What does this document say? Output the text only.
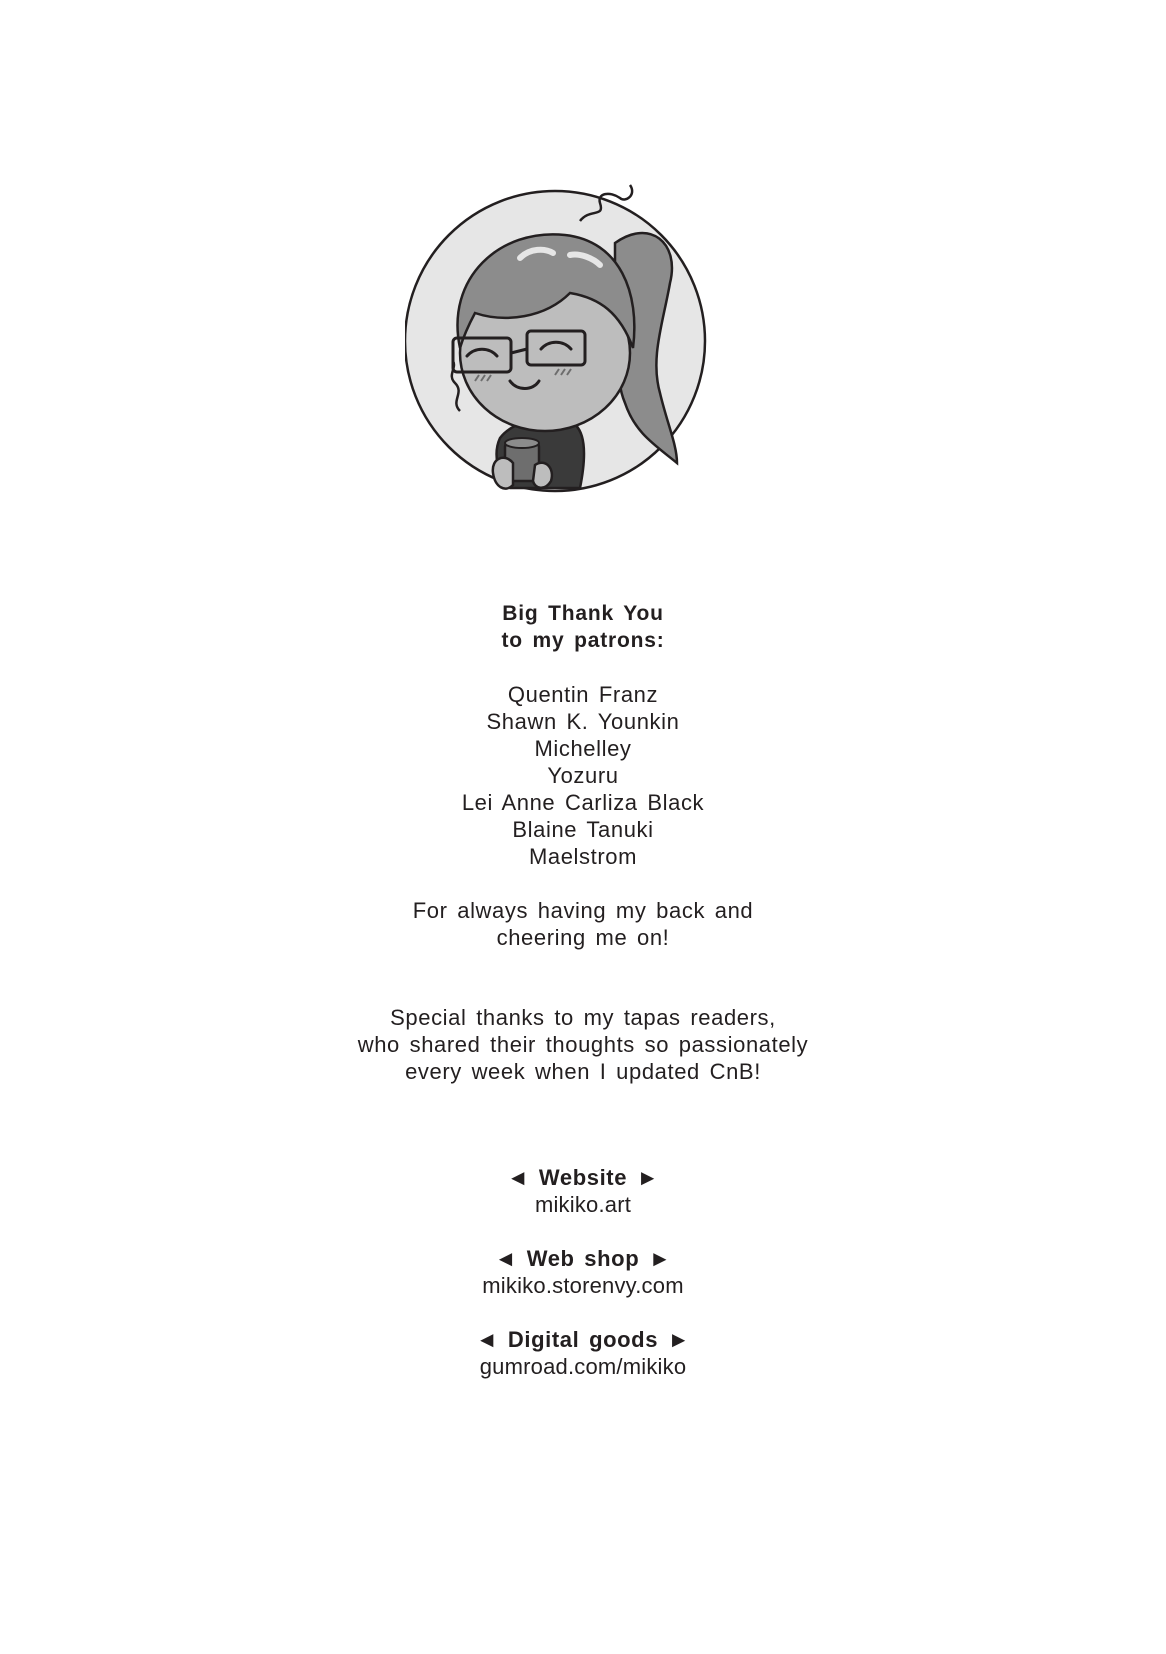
Big Thank You
to my patrons:
Quentin Franz
Shawn K. Younkin
Michelley
Yozuru
Lei Anne Carliza Black
Blaine Tanuki
Maelstrom
For always having my back and
cheering me on!
Special thanks to my tapas readers,
who shared their thoughts so passionately
every week when I updated CnB!
◄ Website ►
mikiko.art
◄ Web shop ►
mikiko.storenvy.com
◄ Digital goods ►
gumroad.com/mikiko
